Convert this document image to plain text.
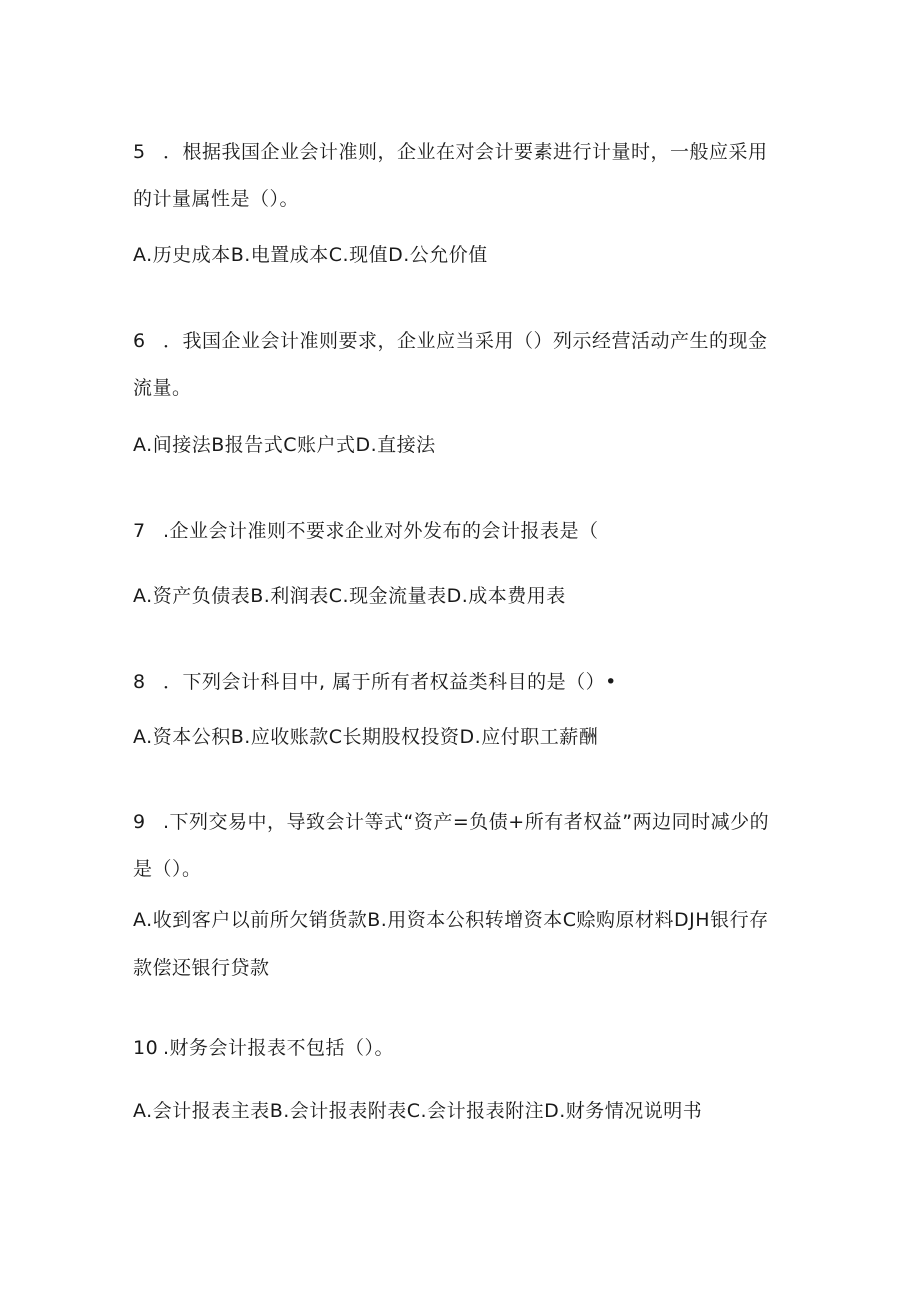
5 ．根据我国企业会计准则，企业在对会计要素进行计量时，一般应采用
的计量属性是（）。
A.历史成本B.电置成本C.现值D.公允价值
6 ．我国企业会计准则要求，企业应当采用（）列示经营活动产生的现金
流量。
A.间接法B报告式C账户式D.直接法
7 .企业会计准则不要求企业对外发布的会计报表是（
A.资产负债表B.利润表C.现金流量表D.成本费用表
8 ．下列会计科目中, 属于所有者权益类科目的是（）•
A.资本公积B.应收账款C长期股权投资D.应付职工薪酬
9 .下列交易中，导致会计等式“资产=负债+所有者权益”两边同时减少的
是（）。
A.收到客户以前所欠销货款B.用资本公积转增资本C赊购原材料DJH银行存
款偿还银行贷款
10 .财务会计报表不包括（）。
A.会计报表主表B.会计报表附表C.会计报表附注D.财务情况说明书
